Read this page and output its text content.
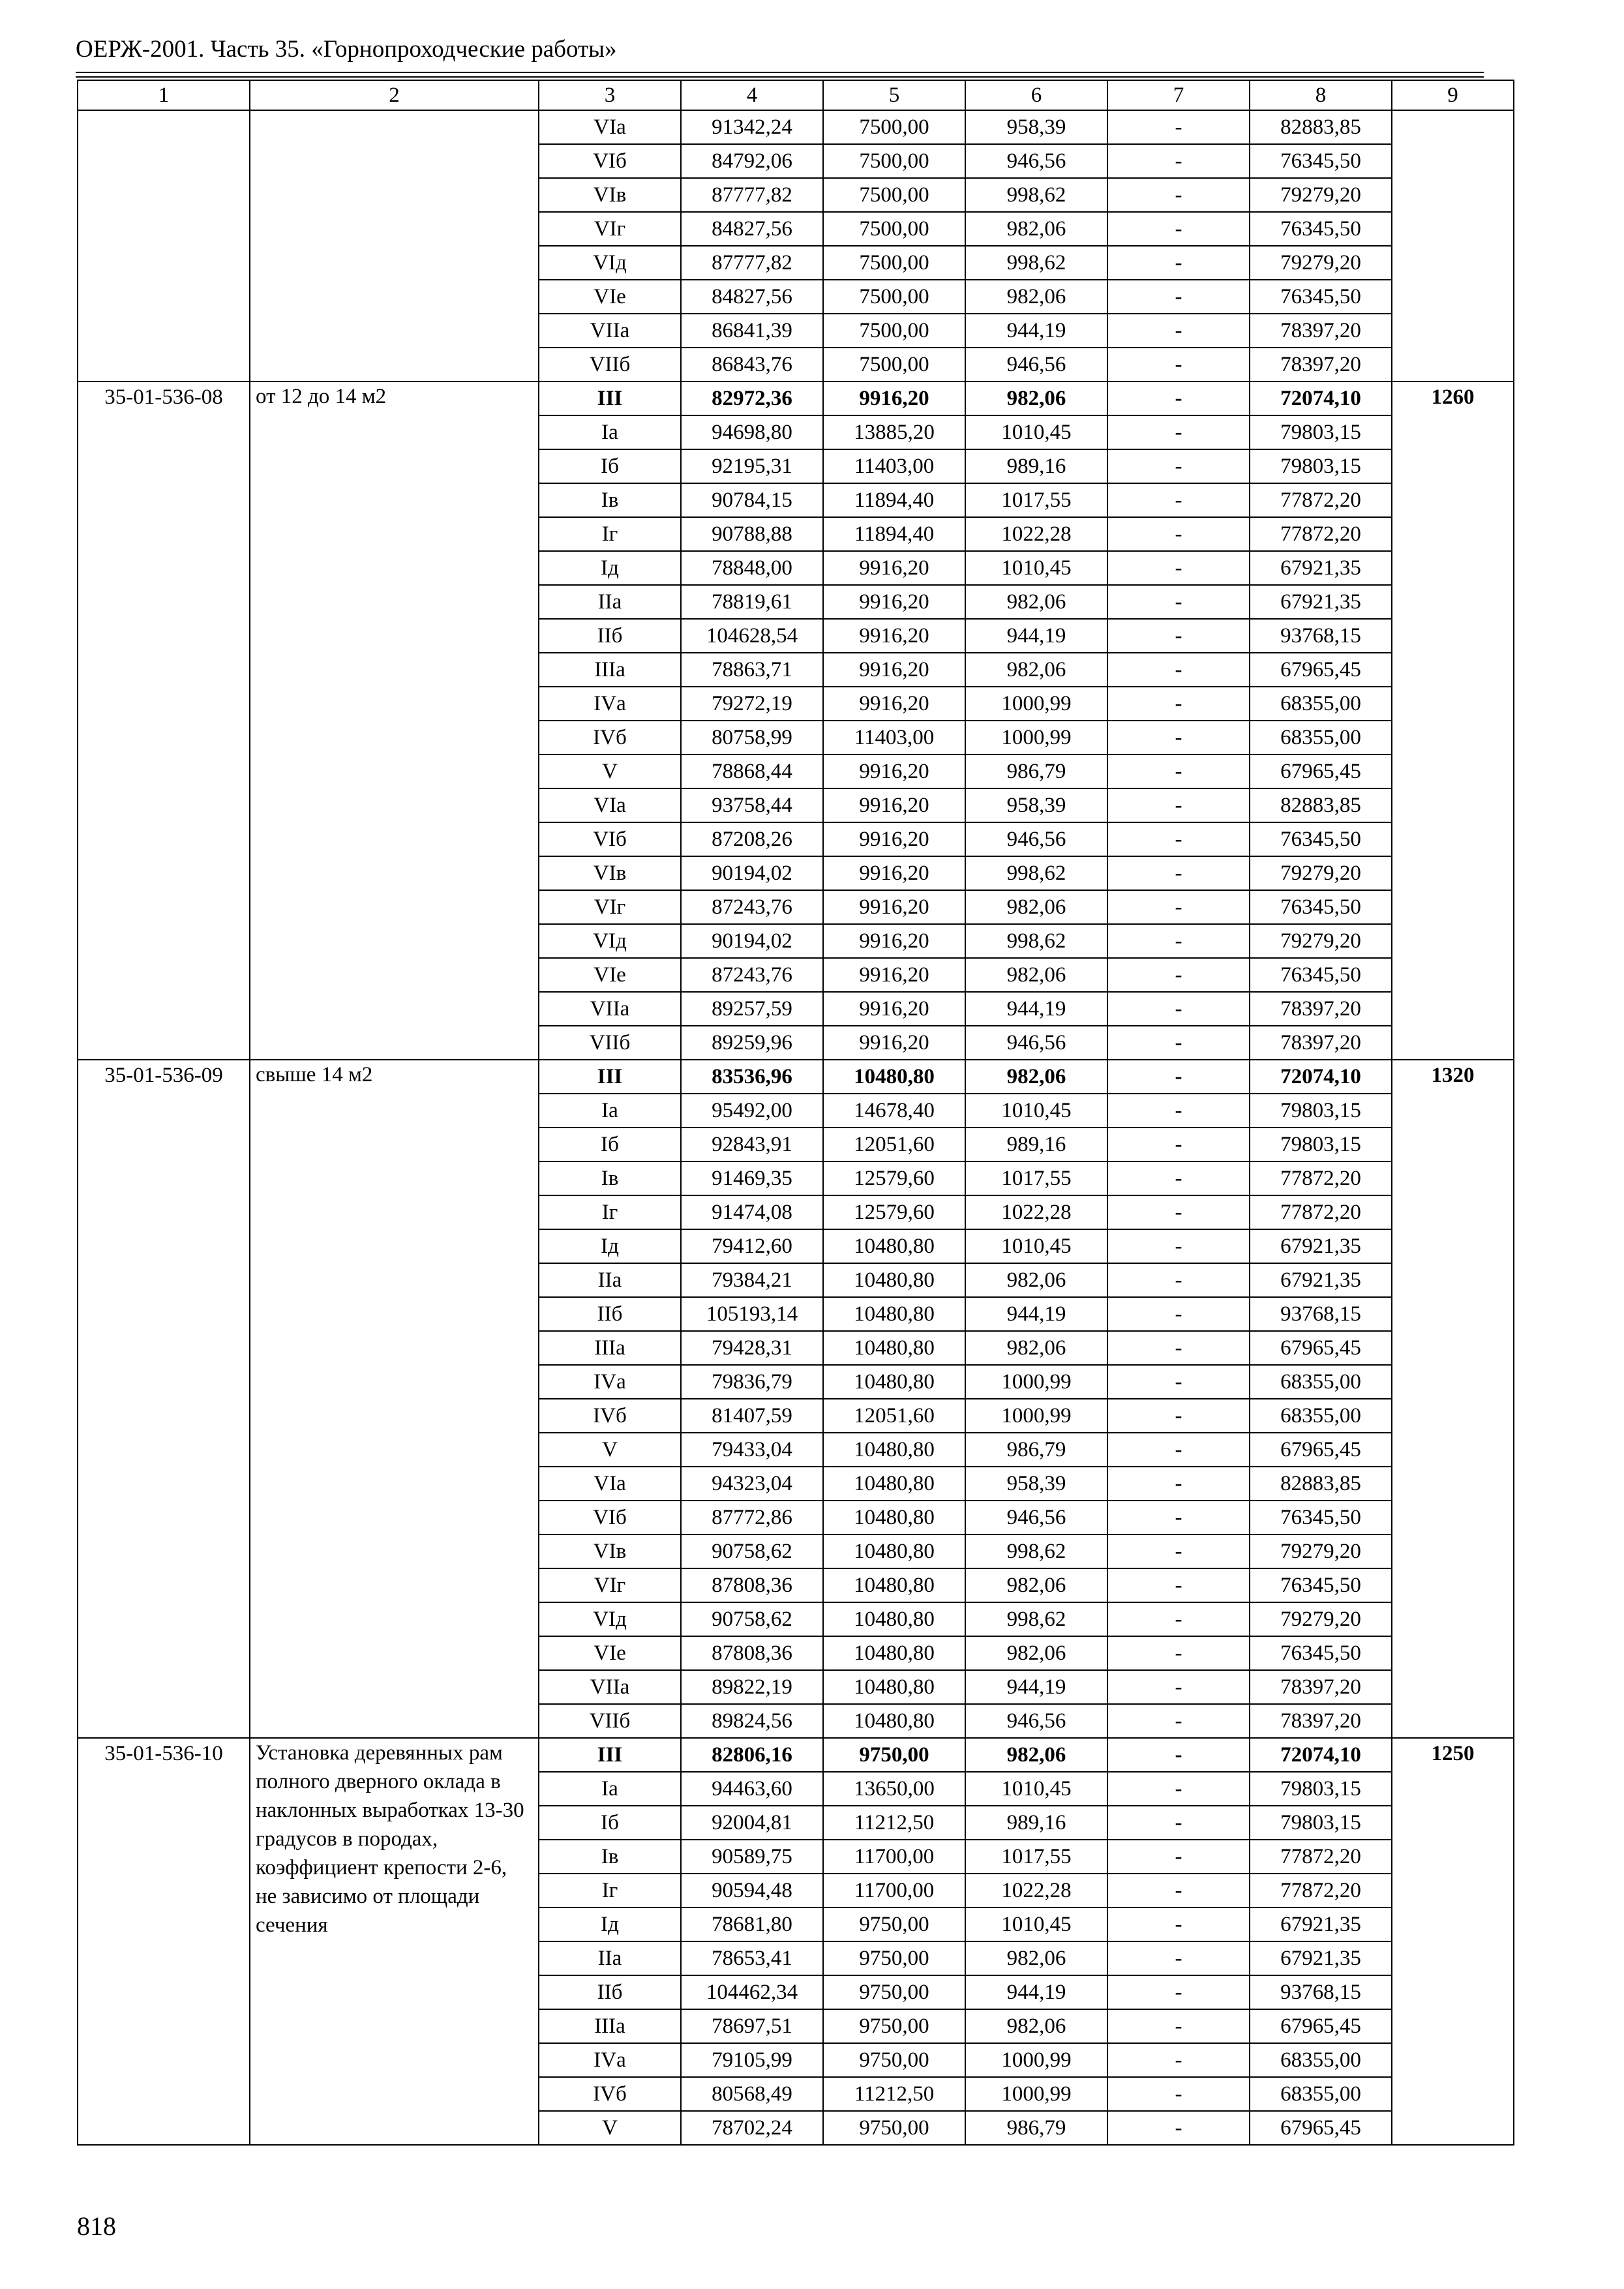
ОЕРЖ-2001. Часть 35. «Горнопроходческие работы»
1	2	3	4	5	6	7	8	9
		VIа	91342,24	7500,00	958,39	-	82883,85	
		VIб	84792,06	7500,00	946,56	-	76345,50	
		VIв	87777,82	7500,00	998,62	-	79279,20	
		VIг	84827,56	7500,00	982,06	-	76345,50	
		VIд	87777,82	7500,00	998,62	-	79279,20	
		VIе	84827,56	7500,00	982,06	-	76345,50	
		VIIа	86841,39	7500,00	944,19	-	78397,20	
		VIIб	86843,76	7500,00	946,56	-	78397,20	
35-01-536-08	от 12 до 14 м2	III	82972,36	9916,20	982,06	-	72074,10	1260
		Iа	94698,80	13885,20	1010,45	-	79803,15	
		Iб	92195,31	11403,00	989,16	-	79803,15	
		Iв	90784,15	11894,40	1017,55	-	77872,20	
		Iг	90788,88	11894,40	1022,28	-	77872,20	
		Iд	78848,00	9916,20	1010,45	-	67921,35	
		IIа	78819,61	9916,20	982,06	-	67921,35	
		IIб	104628,54	9916,20	944,19	-	93768,15	
		IIIа	78863,71	9916,20	982,06	-	67965,45	
		IVа	79272,19	9916,20	1000,99	-	68355,00	
		IVб	80758,99	11403,00	1000,99	-	68355,00	
		V	78868,44	9916,20	986,79	-	67965,45	
		VIа	93758,44	9916,20	958,39	-	82883,85	
		VIб	87208,26	9916,20	946,56	-	76345,50	
		VIв	90194,02	9916,20	998,62	-	79279,20	
		VIг	87243,76	9916,20	982,06	-	76345,50	
		VIд	90194,02	9916,20	998,62	-	79279,20	
		VIе	87243,76	9916,20	982,06	-	76345,50	
		VIIа	89257,59	9916,20	944,19	-	78397,20	
		VIIб	89259,96	9916,20	946,56	-	78397,20	
35-01-536-09	свыше 14 м2	III	83536,96	10480,80	982,06	-	72074,10	1320
		Iа	95492,00	14678,40	1010,45	-	79803,15	
		Iб	92843,91	12051,60	989,16	-	79803,15	
		Iв	91469,35	12579,60	1017,55	-	77872,20	
		Iг	91474,08	12579,60	1022,28	-	77872,20	
		Iд	79412,60	10480,80	1010,45	-	67921,35	
		IIа	79384,21	10480,80	982,06	-	67921,35	
		IIб	105193,14	10480,80	944,19	-	93768,15	
		IIIа	79428,31	10480,80	982,06	-	67965,45	
		IVа	79836,79	10480,80	1000,99	-	68355,00	
		IVб	81407,59	12051,60	1000,99	-	68355,00	
		V	79433,04	10480,80	986,79	-	67965,45	
		VIа	94323,04	10480,80	958,39	-	82883,85	
		VIб	87772,86	10480,80	946,56	-	76345,50	
		VIв	90758,62	10480,80	998,62	-	79279,20	
		VIг	87808,36	10480,80	982,06	-	76345,50	
		VIд	90758,62	10480,80	998,62	-	79279,20	
		VIе	87808,36	10480,80	982,06	-	76345,50	
		VIIа	89822,19	10480,80	944,19	-	78397,20	
		VIIб	89824,56	10480,80	946,56	-	78397,20	
35-01-536-10	Установка деревянных рам полного дверного оклада в наклонных выработках 13-30 градусов в породах, коэффициент крепости 2-6, не зависимо от площади сечения	III	82806,16	9750,00	982,06	-	72074,10	1250
		Iа	94463,60	13650,00	1010,45	-	79803,15	
		Iб	92004,81	11212,50	989,16	-	79803,15	
		Iв	90589,75	11700,00	1017,55	-	77872,20	
		Iг	90594,48	11700,00	1022,28	-	77872,20	
		Iд	78681,80	9750,00	1010,45	-	67921,35	
		IIа	78653,41	9750,00	982,06	-	67921,35	
		IIб	104462,34	9750,00	944,19	-	93768,15	
		IIIа	78697,51	9750,00	982,06	-	67965,45	
		IVа	79105,99	9750,00	1000,99	-	68355,00	
		IVб	80568,49	11212,50	1000,99	-	68355,00	
		V	78702,24	9750,00	986,79	-	67965,45	
818
